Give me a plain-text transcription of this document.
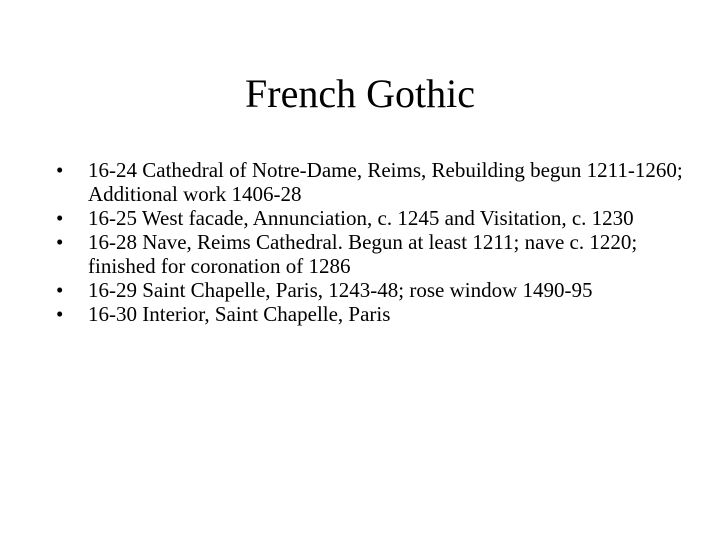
French Gothic
• 16-24 Cathedral of Notre-Dame, Reims, Rebuilding begun 1211-1260; Additional work 1406-28
• 16-25 West facade, Annunciation, c. 1245 and Visitation, c. 1230
• 16-28 Nave, Reims Cathedral. Begun at least 1211; nave c. 1220; finished for coronation of 1286
• 16-29 Saint Chapelle, Paris, 1243-48; rose window 1490-95
• 16-30 Interior, Saint Chapelle, Paris
